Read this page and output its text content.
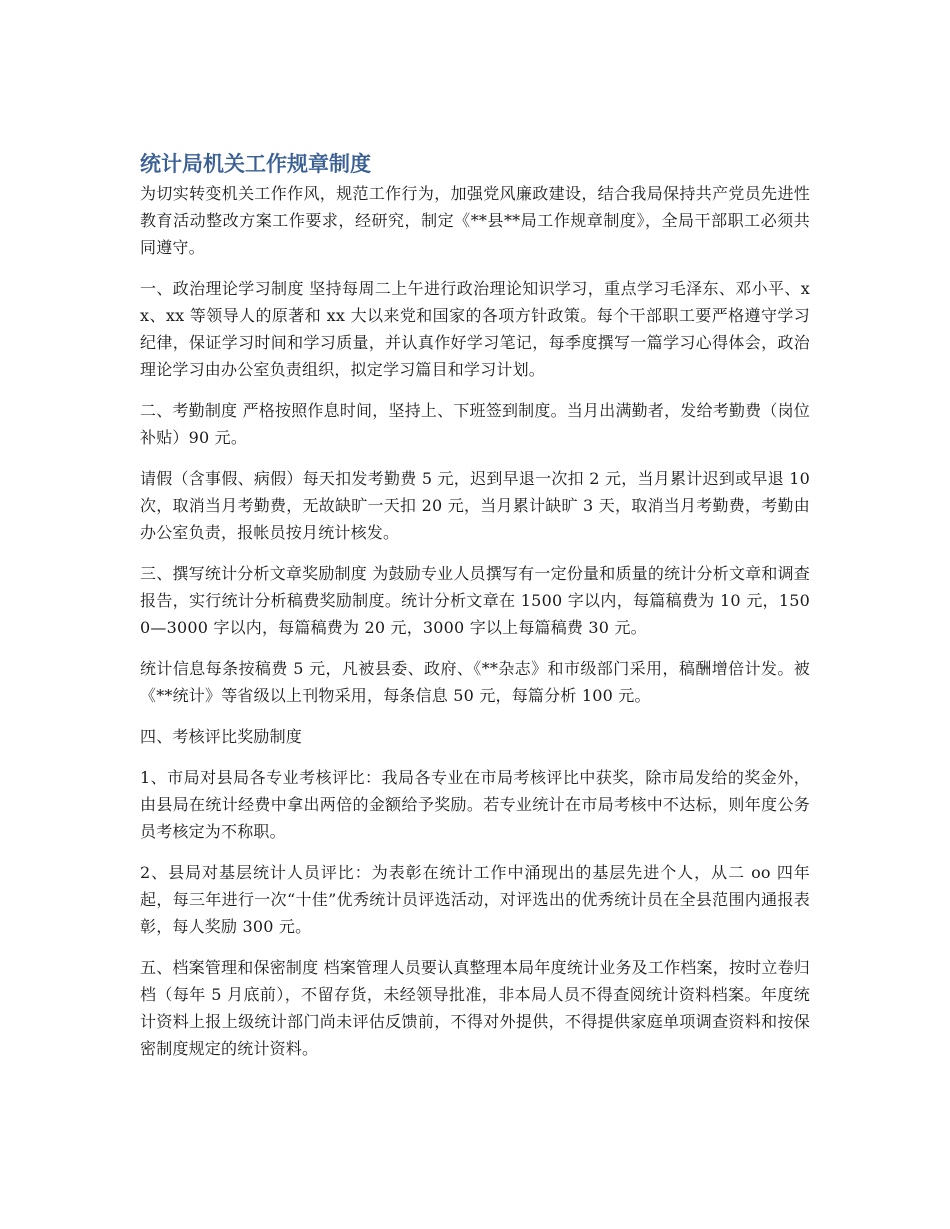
统计局机关工作规章制度

为切实转变机关工作作风，规范工作行为，加强党风廉政建设，结合我局保持共产党员先进性教育活动整改方案工作要求，经研究，制定《**县**局工作规章制度》，全局干部职工必须共同遵守。

一、政治理论学习制度 坚持每周二上午进行政治理论知识学习，重点学习毛泽东、邓小平、xx、xx 等领导人的原著和 xx 大以来党和国家的各项方针政策。每个干部职工要严格遵守学习纪律，保证学习时间和学习质量，并认真作好学习笔记，每季度撰写一篇学习心得体会，政治理论学习由办公室负责组织，拟定学习篇目和学习计划。

二、考勤制度 严格按照作息时间，坚持上、下班签到制度。当月出满勤者，发给考勤费（岗位补贴）90 元。

请假（含事假、病假）每天扣发考勤费 5 元，迟到早退一次扣 2 元，当月累计迟到或早退 10 次，取消当月考勤费，无故缺旷一天扣 20 元，当月累计缺旷 3 天，取消当月考勤费，考勤由办公室负责，报帐员按月统计核发。

三、撰写统计分析文章奖励制度 为鼓励专业人员撰写有一定份量和质量的统计分析文章和调查报告，实行统计分析稿费奖励制度。统计分析文章在 1500 字以内，每篇稿费为 10 元，1500—3000 字以内，每篇稿费为 20 元，3000 字以上每篇稿费 30 元。

统计信息每条按稿费 5 元，凡被县委、政府、《**杂志》和市级部门采用，稿酬增倍计发。被《**统计》等省级以上刊物采用，每条信息 50 元，每篇分析 100 元。

四、考核评比奖励制度

1、市局对县局各专业考核评比：我局各专业在市局考核评比中获奖，除市局发给的奖金外，由县局在统计经费中拿出两倍的金额给予奖励。若专业统计在市局考核中不达标，则年度公务员考核定为不称职。

2、县局对基层统计人员评比：为表彰在统计工作中涌现出的基层先进个人，从二 oo 四年起，每三年进行一次“十佳”优秀统计员评选活动，对评选出的优秀统计员在全县范围内通报表彰，每人奖励 300 元。

五、档案管理和保密制度 档案管理人员要认真整理本局年度统计业务及工作档案，按时立卷归档（每年 5 月底前），不留存货，未经领导批准，非本局人员不得查阅统计资料档案。年度统计资料上报上级统计部门尚未评估反馈前，不得对外提供，不得提供家庭单项调查资料和按保密制度规定的统计资料。
